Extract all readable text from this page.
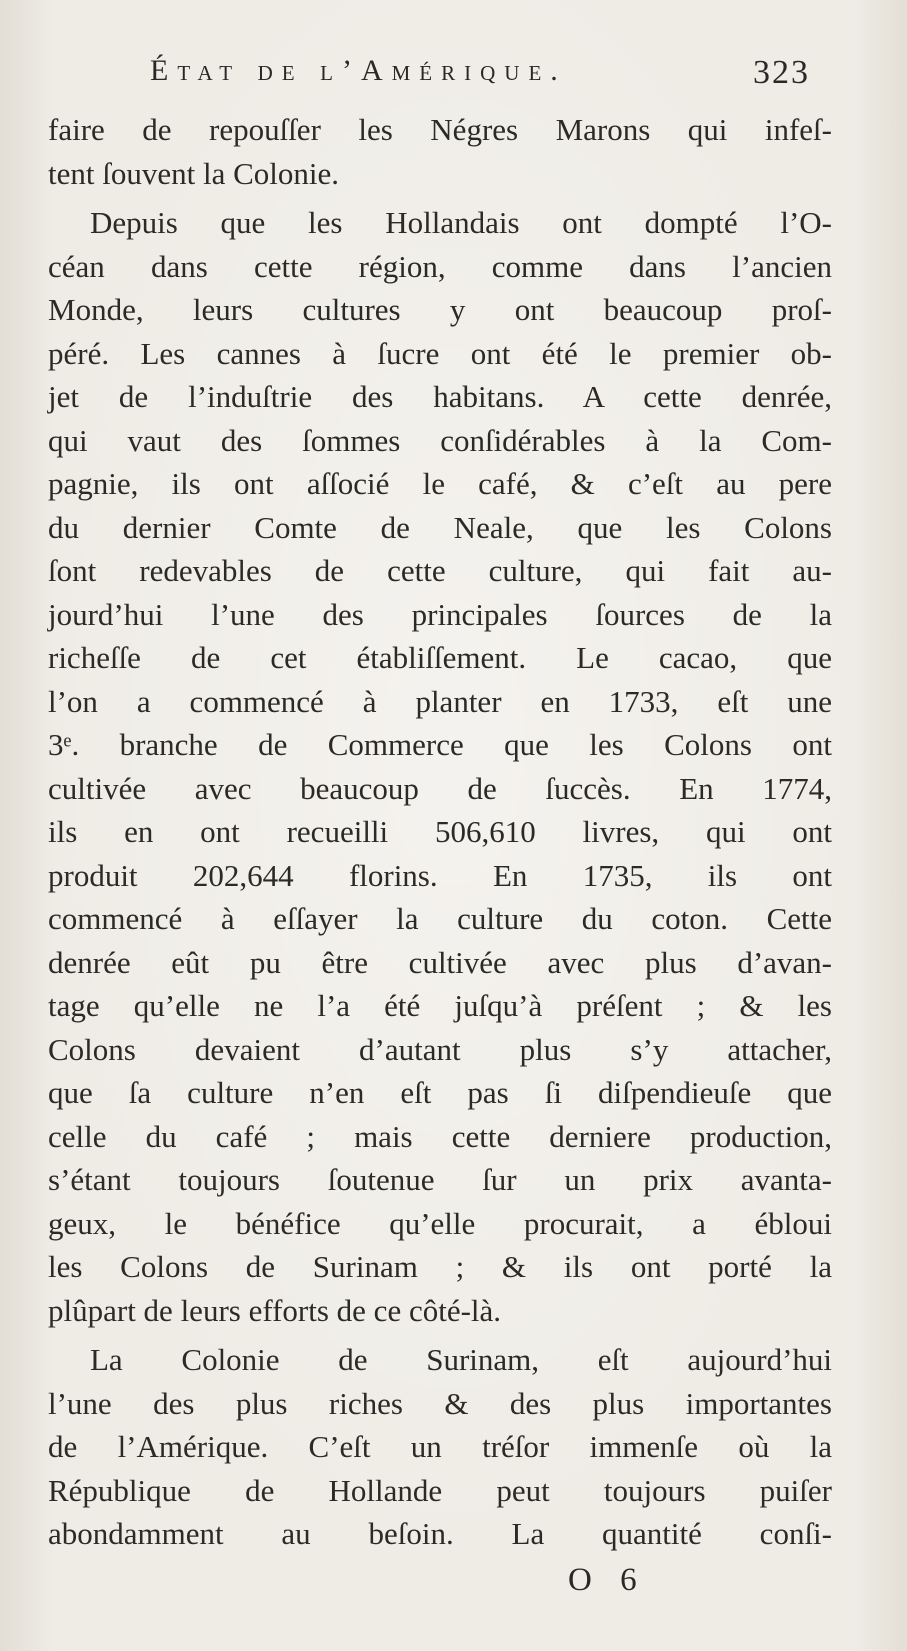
État de l’Amérique.	323
faire de repouſſer les Négres Marons qui infeſ-
tent ſouvent la Colonie.
Depuis que les Hollandais ont dompté l’O-
céan dans cette région, comme dans l’ancien
Monde, leurs cultures y ont beaucoup proſ-
péré. Les cannes à ſucre ont été le premier ob-
jet de l’induſtrie des habitans. A cette denrée,
qui vaut des ſommes conſidérables à la Com-
pagnie, ils ont aſſocié le café, & c’eſt au pere
du dernier Comte de Neale, que les Colons
ſont redevables de cette culture, qui fait au-
jourd’hui l’une des principales ſources de la
richeſſe de cet établiſſement. Le cacao, que
l’on a commencé à planter en 1733, eſt une
3ᵉ. branche de Commerce que les Colons ont
cultivée avec beaucoup de ſuccès. En 1774,
ils en ont recueilli 506,610 livres, qui ont
produit 202,644 florins. En 1735, ils ont
commencé à eſſayer la culture du coton. Cette
denrée eût pu être cultivée avec plus d’avan-
tage qu’elle ne l’a été juſqu’à préſent ; & les
Colons devaient d’autant plus s’y attacher,
que ſa culture n’en eſt pas ſi diſpendieuſe que
celle du café ; mais cette derniere production,
s’étant toujours ſoutenue ſur un prix avanta-
geux, le bénéfice qu’elle procurait, a ébloui
les Colons de Surinam ; & ils ont porté la
plûpart de leurs efforts de ce côté-là.
La Colonie de Surinam, eſt aujourd’hui
l’une des plus riches & des plus importantes
de l’Amérique. C’eſt un tréſor immenſe où la
République de Hollande peut toujours puiſer
abondamment au beſoin. La quantité conſi-
O 6
